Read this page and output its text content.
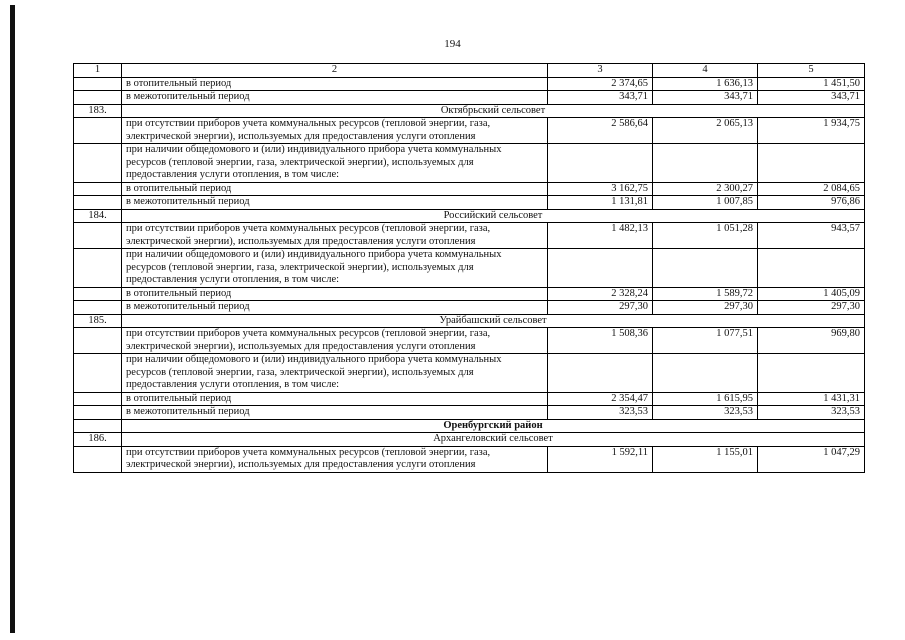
194
1	2	3	4	5
	в отопительный период	2 374,65	1 636,13	1 451,50
	в межотопительный период	343,71	343,71	343,71
183.	Октябрьский сельсовет			
	при отсутствии приборов учета коммунальных ресурсов (тепловой энергии, газа, электрической энергии), используемых для предоставления услуги отопления	2 586,64	2 065,13	1 934,75
	при наличии общедомового и (или) индивидуального прибора учета коммунальных ресурсов (тепловой энергии, газа, электрической энергии), используемых для предоставления услуги отопления, в том числе:			
	в отопительный период	3 162,75	2 300,27	2 084,65
	в межотопительный период	1 131,81	1 007,85	976,86
184.	Российский сельсовет			
	при отсутствии приборов учета коммунальных ресурсов (тепловой энергии, газа, электрической энергии), используемых для предоставления услуги отопления	1 482,13	1 051,28	943,57
	при наличии общедомового и (или) индивидуального прибора учета коммунальных ресурсов (тепловой энергии, газа, электрической энергии), используемых для предоставления услуги отопления, в том числе:			
	в отопительный период	2 328,24	1 589,72	1 405,09
	в межотопительный период	297,30	297,30	297,30
185.	Урайбашский сельсовет			
	при отсутствии приборов учета коммунальных ресурсов (тепловой энергии, газа, электрической энергии), используемых для предоставления услуги отопления	1 508,36	1 077,51	969,80
	при наличии общедомового и (или) индивидуального прибора учета коммунальных ресурсов (тепловой энергии, газа, электрической энергии), используемых для предоставления услуги отопления, в том числе:			
	в отопительный период	2 354,47	1 615,95	1 431,31
	в межотопительный период	323,53	323,53	323,53
	Оренбургский район			
186.	Архангеловский сельсовет			
	при отсутствии приборов учета коммунальных ресурсов (тепловой энергии, газа, электрической энергии), используемых для предоставления услуги отопления	1 592,11	1 155,01	1 047,29
